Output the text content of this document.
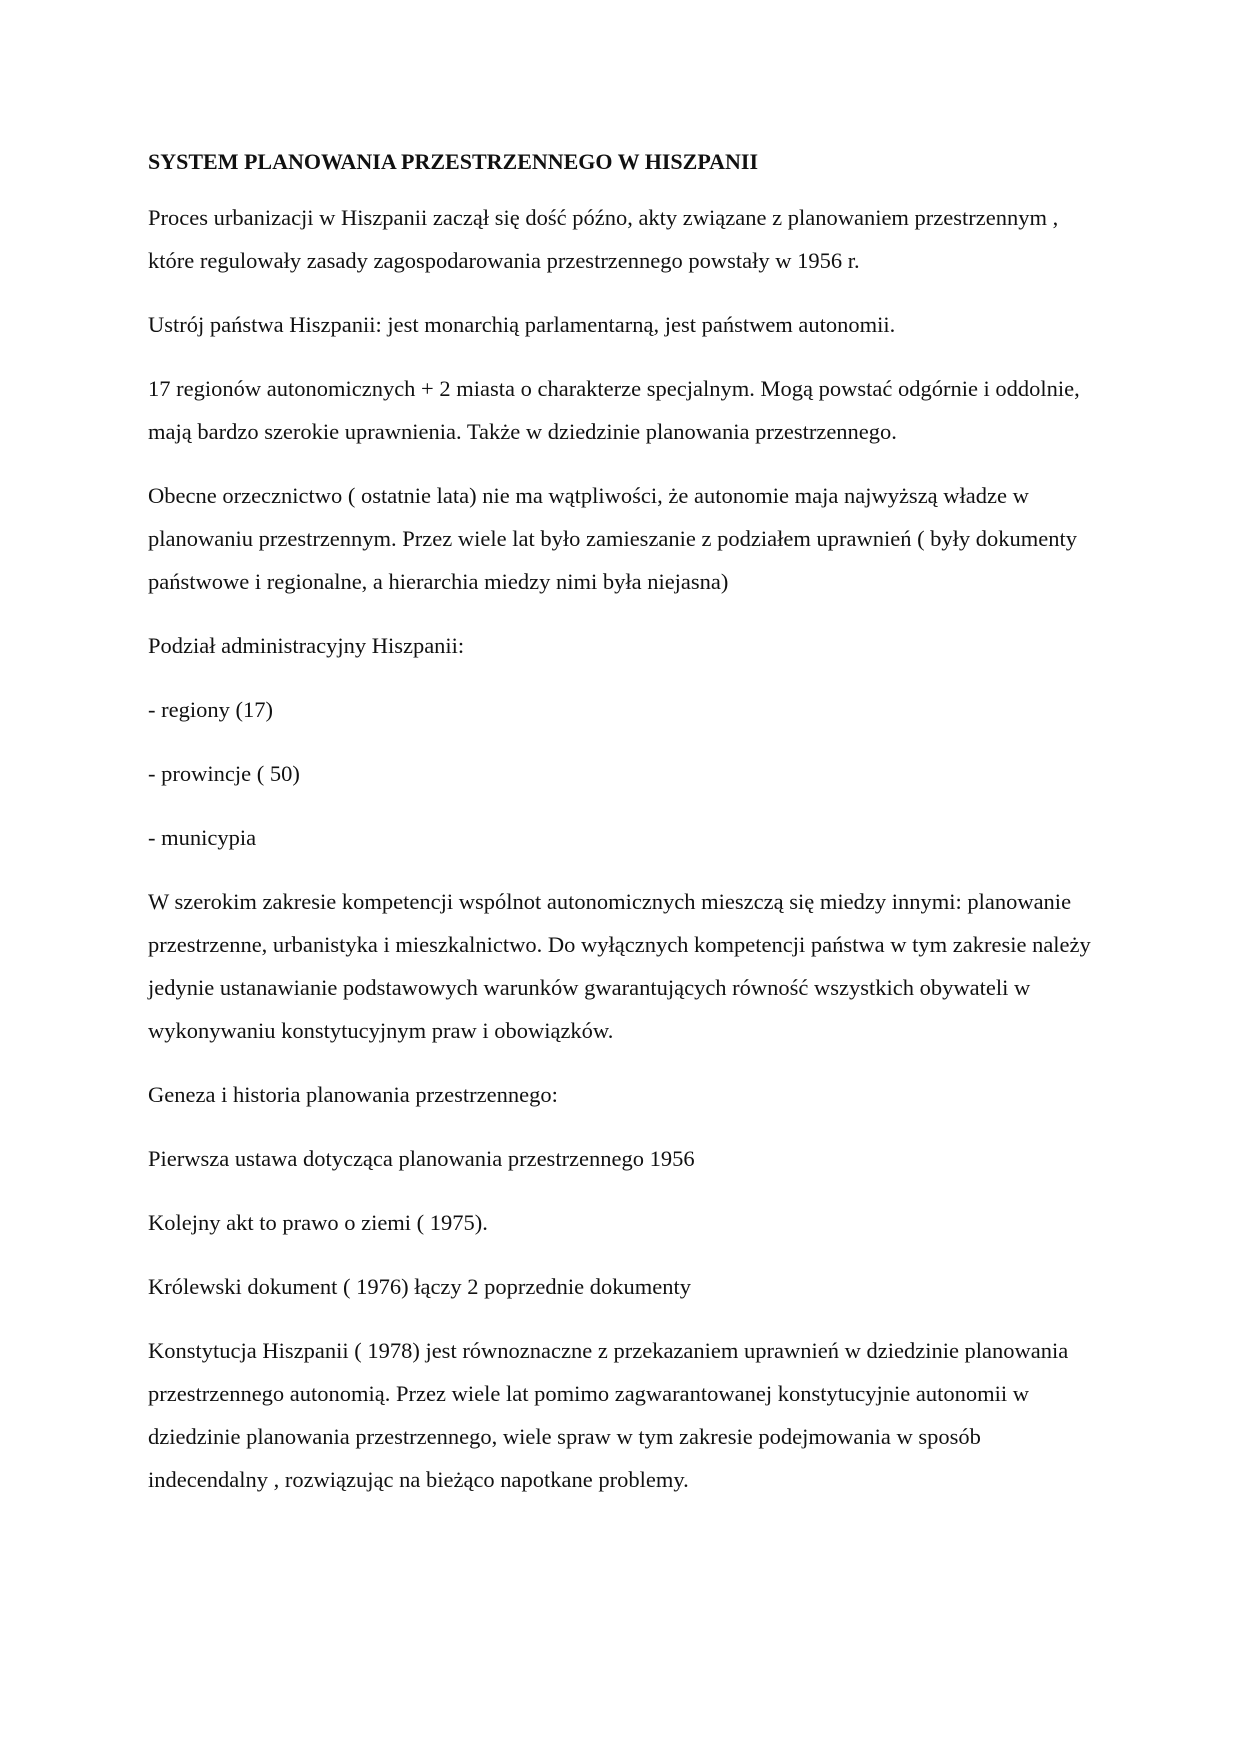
SYSTEM PLANOWANIA PRZESTRZENNEGO W HISZPANII

Proces urbanizacji w Hiszpanii zaczął się dość późno, akty związane z planowaniem przestrzennym , które regulowały zasady zagospodarowania przestrzennego powstały w 1956 r.

Ustrój państwa Hiszpanii: jest monarchią parlamentarną, jest państwem autonomii.

17 regionów autonomicznych + 2 miasta o charakterze specjalnym. Mogą powstać odgórnie i oddolnie, mają bardzo szerokie uprawnienia. Także w dziedzinie planowania przestrzennego.

Obecne orzecznictwo ( ostatnie lata) nie ma wątpliwości, że autonomie maja najwyższą władze w planowaniu przestrzennym. Przez wiele lat było zamieszanie z podziałem uprawnień ( były dokumenty państwowe i regionalne, a hierarchia miedzy nimi była niejasna)

Podział administracyjny Hiszpanii:

- regiony (17)

- prowincje ( 50)

- municypia

W szerokim zakresie kompetencji wspólnot autonomicznych mieszczą się miedzy innymi: planowanie przestrzenne, urbanistyka i mieszkalnictwo. Do wyłącznych kompetencji państwa w tym zakresie należy jedynie ustanawianie podstawowych warunków gwarantujących równość wszystkich obywateli w wykonywaniu konstytucyjnym praw i obowiązków.

Geneza i historia planowania przestrzennego:

Pierwsza ustawa dotycząca planowania przestrzennego 1956

Kolejny akt to prawo o ziemi ( 1975).

Królewski dokument ( 1976) łączy 2 poprzednie dokumenty

Konstytucja Hiszpanii ( 1978) jest równoznaczne z przekazaniem uprawnień w dziedzinie planowania przestrzennego autonomią. Przez wiele lat pomimo zagwarantowanej konstytucyjnie autonomii w dziedzinie planowania przestrzennego, wiele spraw w tym zakresie podejmowania w sposób indecendalny , rozwiązując na bieżąco napotkane problemy.
